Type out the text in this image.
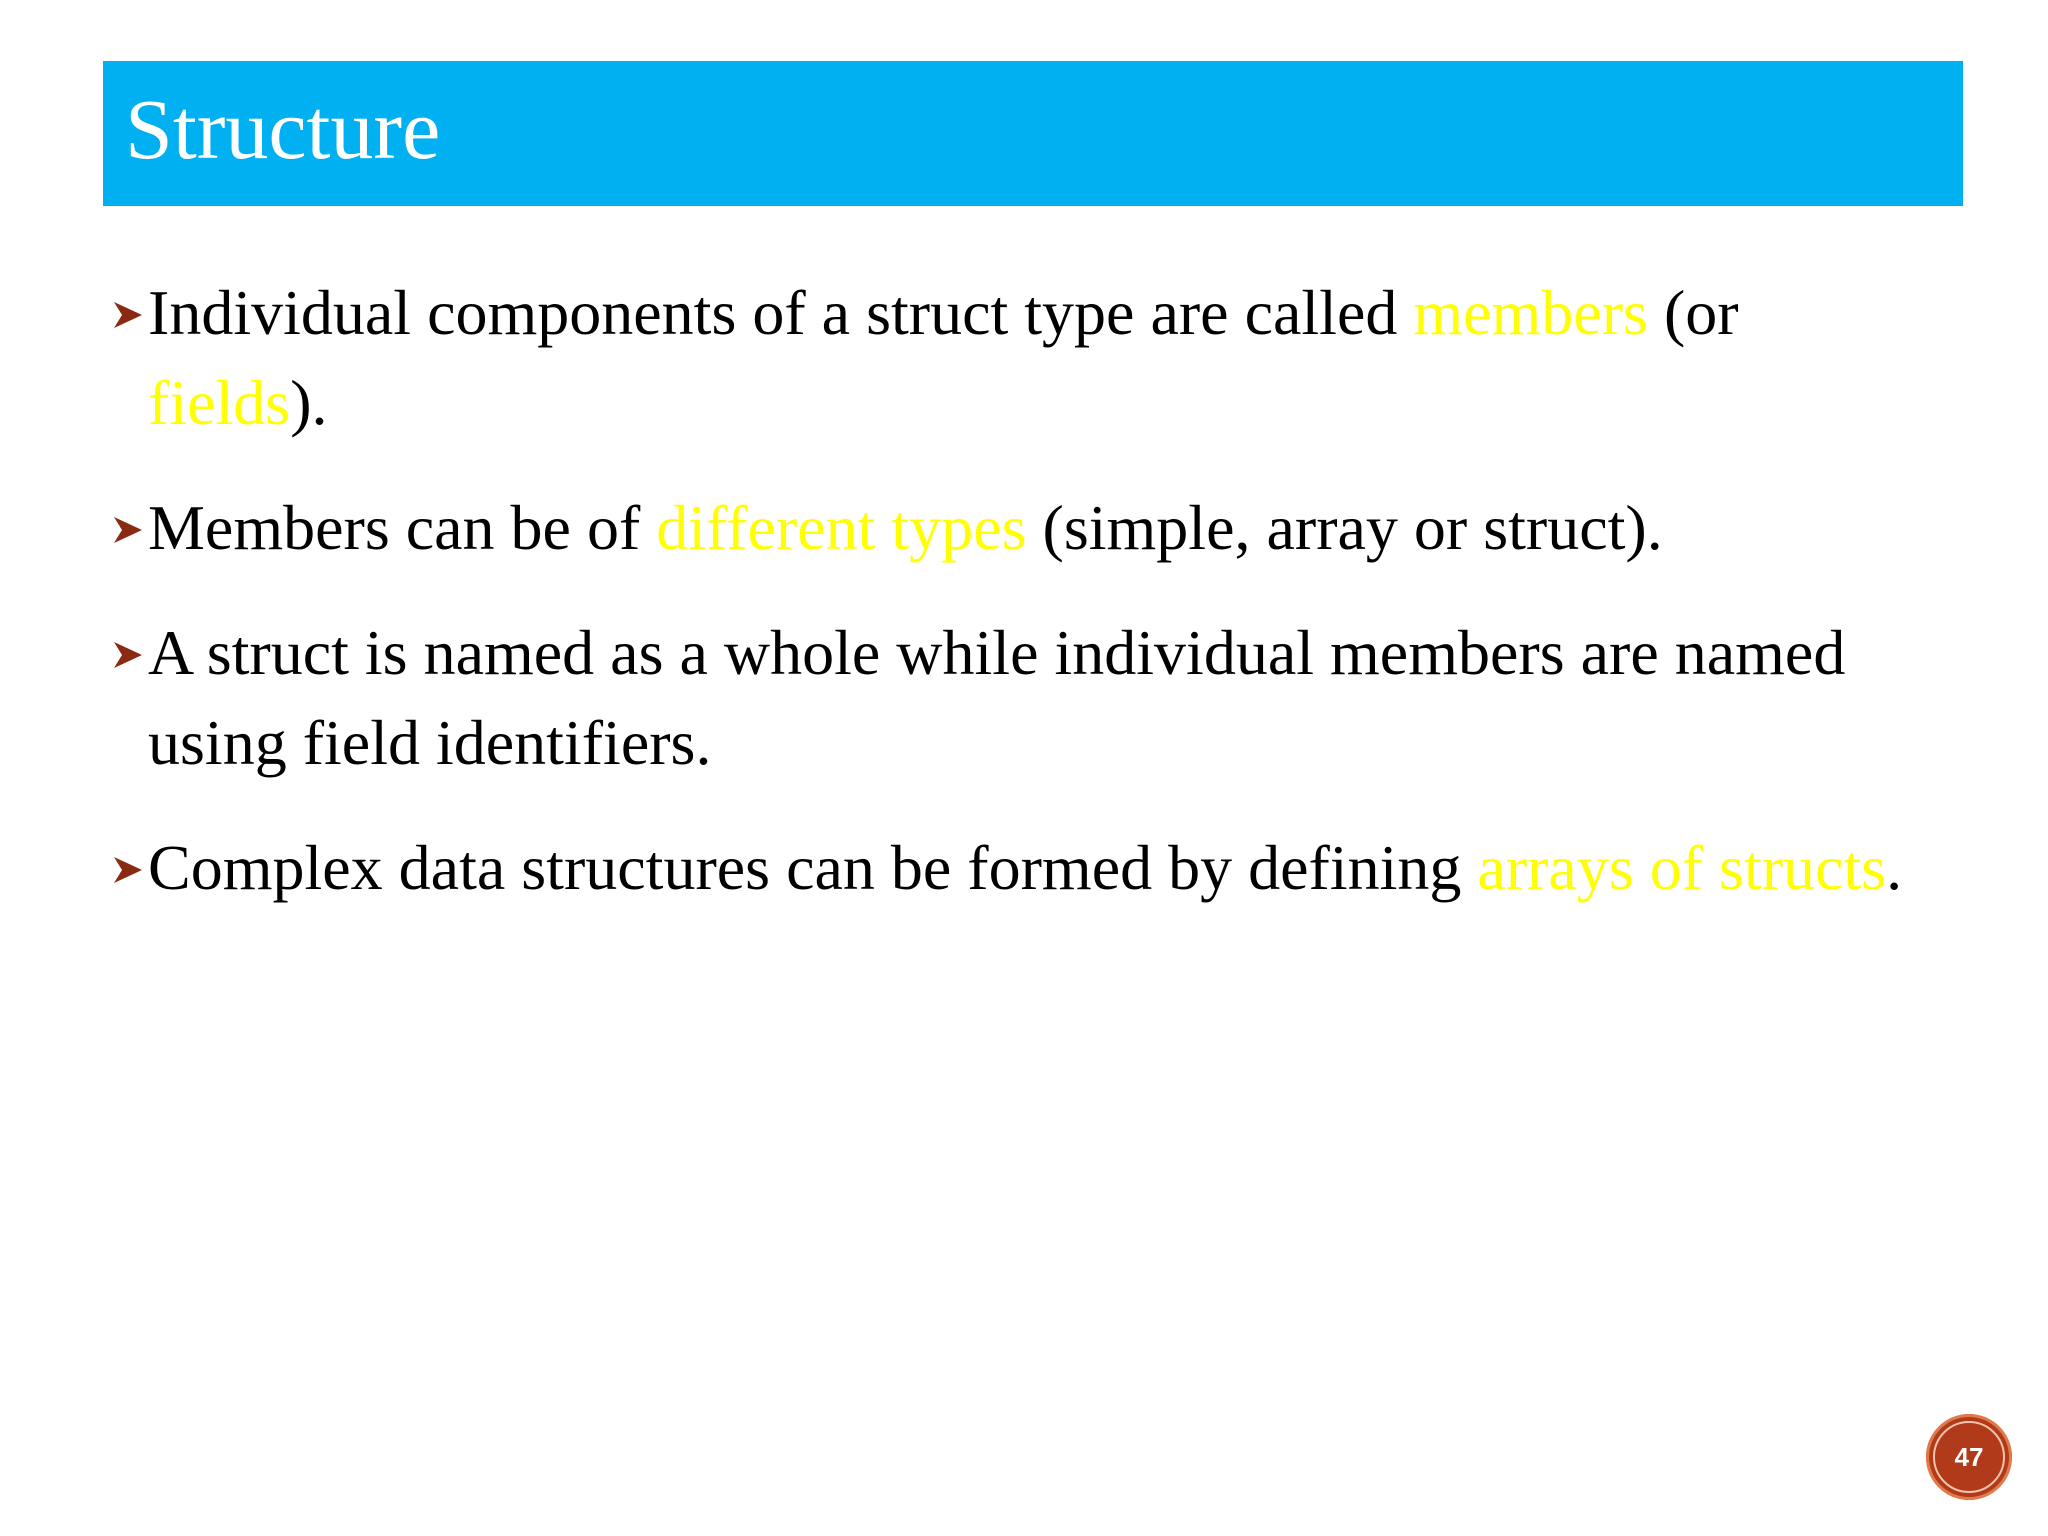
Structure
Individual components of a struct type are called members (or fields).
Members can be of different types (simple, array or struct).
A struct is named as a whole while individual members are named using field identifiers.
Complex data structures can be formed by defining arrays of structs.
47
